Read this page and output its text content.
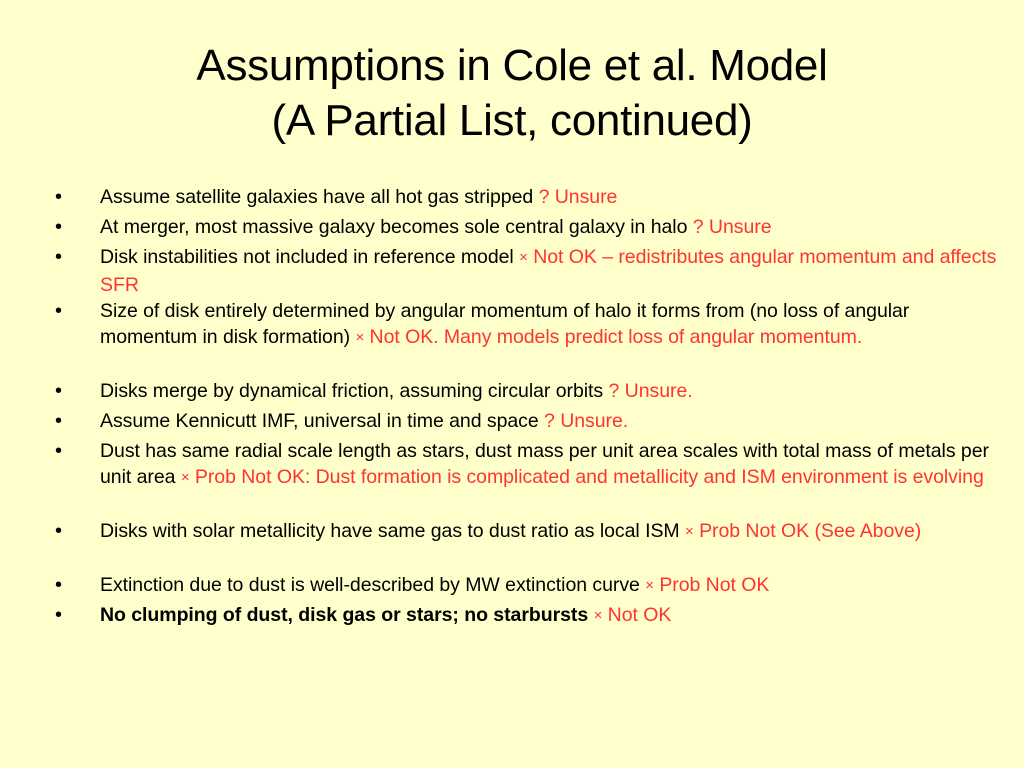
Assumptions in Cole et al. Model
(A Partial List, continued)
• Assume satellite galaxies have all hot gas stripped ? Unsure
• At merger, most massive galaxy becomes sole central galaxy in halo ? Unsure
• Disk instabilities not included in reference model × Not OK – redistributes angular momentum and affects SFR
• Size of disk entirely determined by angular momentum of halo it forms from (no loss of angular momentum in disk formation) × Not OK. Many models predict loss of angular momentum.
• Disks merge by dynamical friction, assuming circular orbits ? Unsure.
• Assume Kennicutt IMF, universal in time and space ? Unsure.
• Dust has same radial scale length as stars, dust mass per unit area scales with total mass of metals per unit area × Prob Not OK: Dust formation is complicated and metallicity and ISM environment is evolving
• Disks with solar metallicity have same gas to dust ratio as local ISM × Prob Not OK (See Above)
• Extinction due to dust is well-described by MW extinction curve × Prob Not OK
• No clumping of dust, disk gas or stars; no starbursts × Not OK
